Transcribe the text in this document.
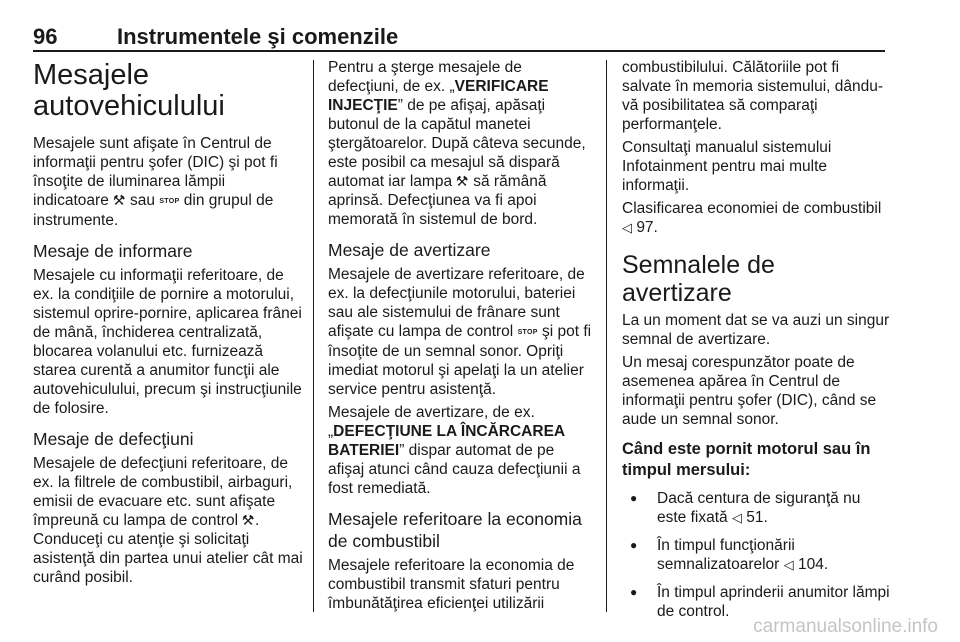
96	Instrumentele şi comenzile
Mesajele
autovehiculului

Mesajele sunt afişate în Centrul de informaţii pentru şofer (DIC) şi pot fi însoţite de iluminarea lămpii indicatoare ⚒ sau STOP din grupul de instrumente.

Mesaje de informare

Mesajele cu informaţii referitoare, de ex. la condiţiile de pornire a motorului, sistemul oprire-pornire, aplicarea frânei de mână, închiderea centralizată, blocarea volanului etc. furnizează starea curentă a anumitor funcţii ale autovehiculului, precum şi instrucţiunile de folosire.

Mesaje de defecţiuni

Mesajele de defecţiuni referitoare, de ex. la filtrele de combustibil, airbaguri, emisii de evacuare etc. sunt afişate împreună cu lampa de control ⚒. Conduceţi cu atenţie şi solicitaţi asistenţă din partea unui atelier cât mai curând posibil.

Pentru a şterge mesajele de defecţiuni, de ex. „VERIFICARE INJECŢIE” de pe afişaj, apăsaţi butonul de la capătul manetei ştergătoarelor. După câteva secunde, este posibil ca mesajul să dispară automat iar lampa ⚒ să rămână aprinsă. Defecţiunea va fi apoi memorată în sistemul de bord.

Mesaje de avertizare

Mesajele de avertizare referitoare, de ex. la defecţiunile motorului, bateriei sau ale sistemului de frânare sunt afişate cu lampa de control STOP şi pot fi însoţite de un semnal sonor. Opriţi imediat motorul şi apelaţi la un atelier service pentru asistenţă.

Mesajele de avertizare, de ex. „DEFECŢIUNE LA ÎNCĂRCAREA BATERIEI” dispar automat de pe afişaj atunci când cauza defecţiunii a fost remediată.

Mesajele referitoare la economia de combustibil

Mesajele referitoare la economia de combustibil transmit sfaturi pentru îmbunătăţirea eficienţei utilizării

combustibilului. Călătoriile pot fi salvate în memoria sistemului, dându-vă posibilitatea să comparaţi performanţele.

Consultaţi manualul sistemului Infotainment pentru mai multe informaţii.

Clasificarea economiei de combustibil ◁ 97.

Semnalele de avertizare

La un moment dat se va auzi un singur semnal de avertizare.

Un mesaj corespunzător poate de asemenea apărea în Centrul de informaţii pentru şofer (DIC), când se aude un semnal sonor.

Când este pornit motorul sau în timpul mersului:
● Dacă centura de siguranţă nu este fixată ◁ 51.
● În timpul funcţionării semnalizatoarelor ◁ 104.
● În timpul aprinderii anumitor lămpi de control.
carmanualsonline.info
